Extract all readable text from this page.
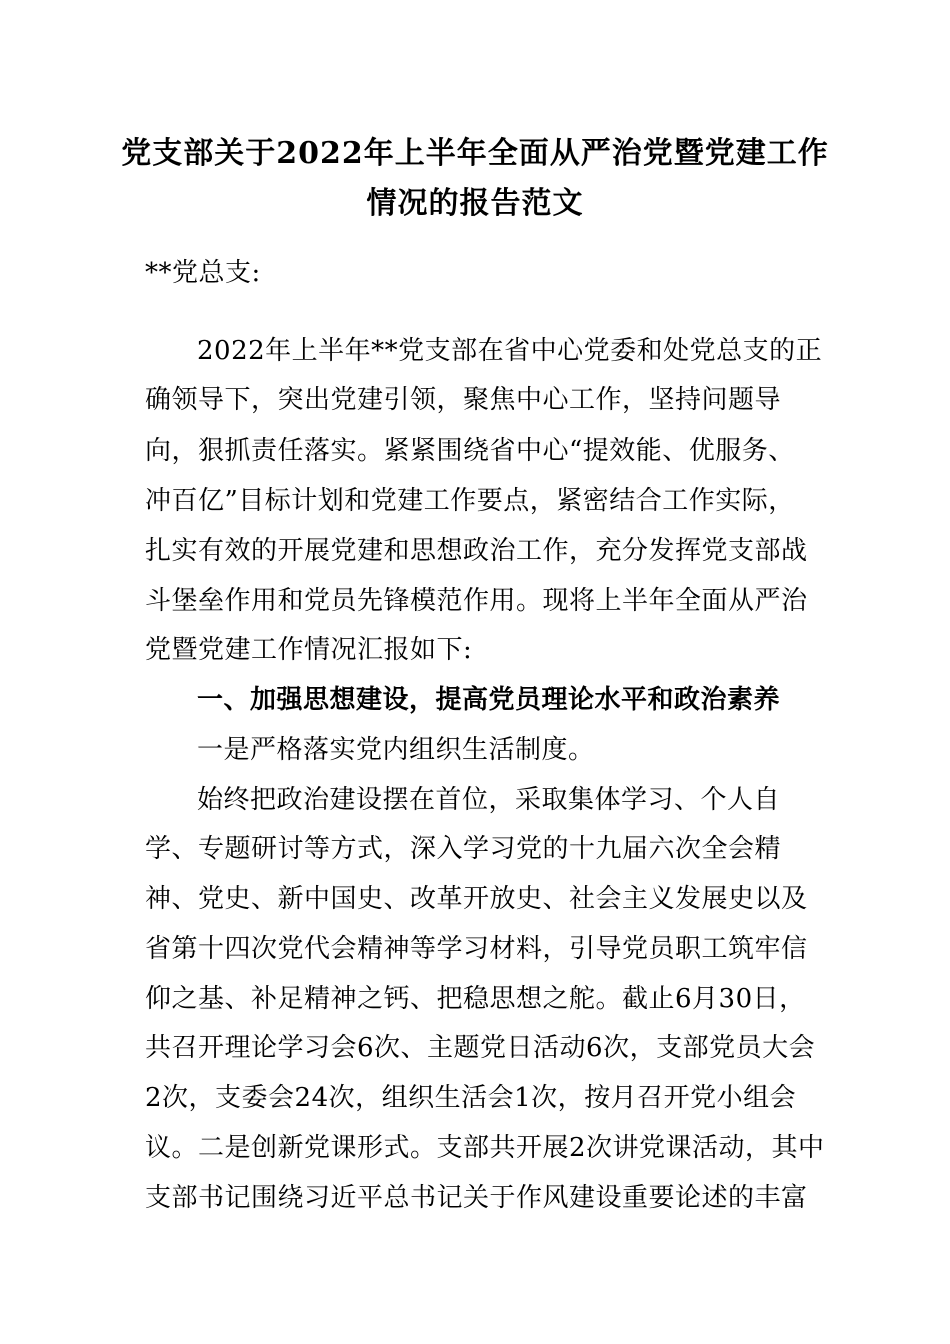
党支部关于2022年上半年全面从严治党暨党建工作
情况的报告范文
**党总支:
2022年上半年**党支部在省中心党委和处党总支的正
确领导下，突出党建引领，聚焦中心工作，坚持问题导
向，狠抓责任落实。紧紧围绕省中心“提效能、优服务、
冲百亿”目标计划和党建工作要点，紧密结合工作实际，
扎实有效的开展党建和思想政治工作，充分发挥党支部战
斗堡垒作用和党员先锋模范作用。现将上半年全面从严治
党暨党建工作情况汇报如下:
一、加强思想建设，提高党员理论水平和政治素养
一是严格落实党内组织生活制度。
始终把政治建设摆在首位，采取集体学习、个人自
学、专题研讨等方式，深入学习党的十九届六次全会精
神、党史、新中国史、改革开放史、社会主义发展史以及
省第十四次党代会精神等学习材料，引导党员职工筑牢信
仰之基、补足精神之钙、把稳思想之舵。截止6月30日，
共召开理论学习会6次、主题党日活动6次，支部党员大会
2次，支委会24次，组织生活会1次，按月召开党小组会
议。二是创新党课形式。支部共开展2次讲党课活动，其中
支部书记围绕习近平总书记关于作风建设重要论述的丰富
